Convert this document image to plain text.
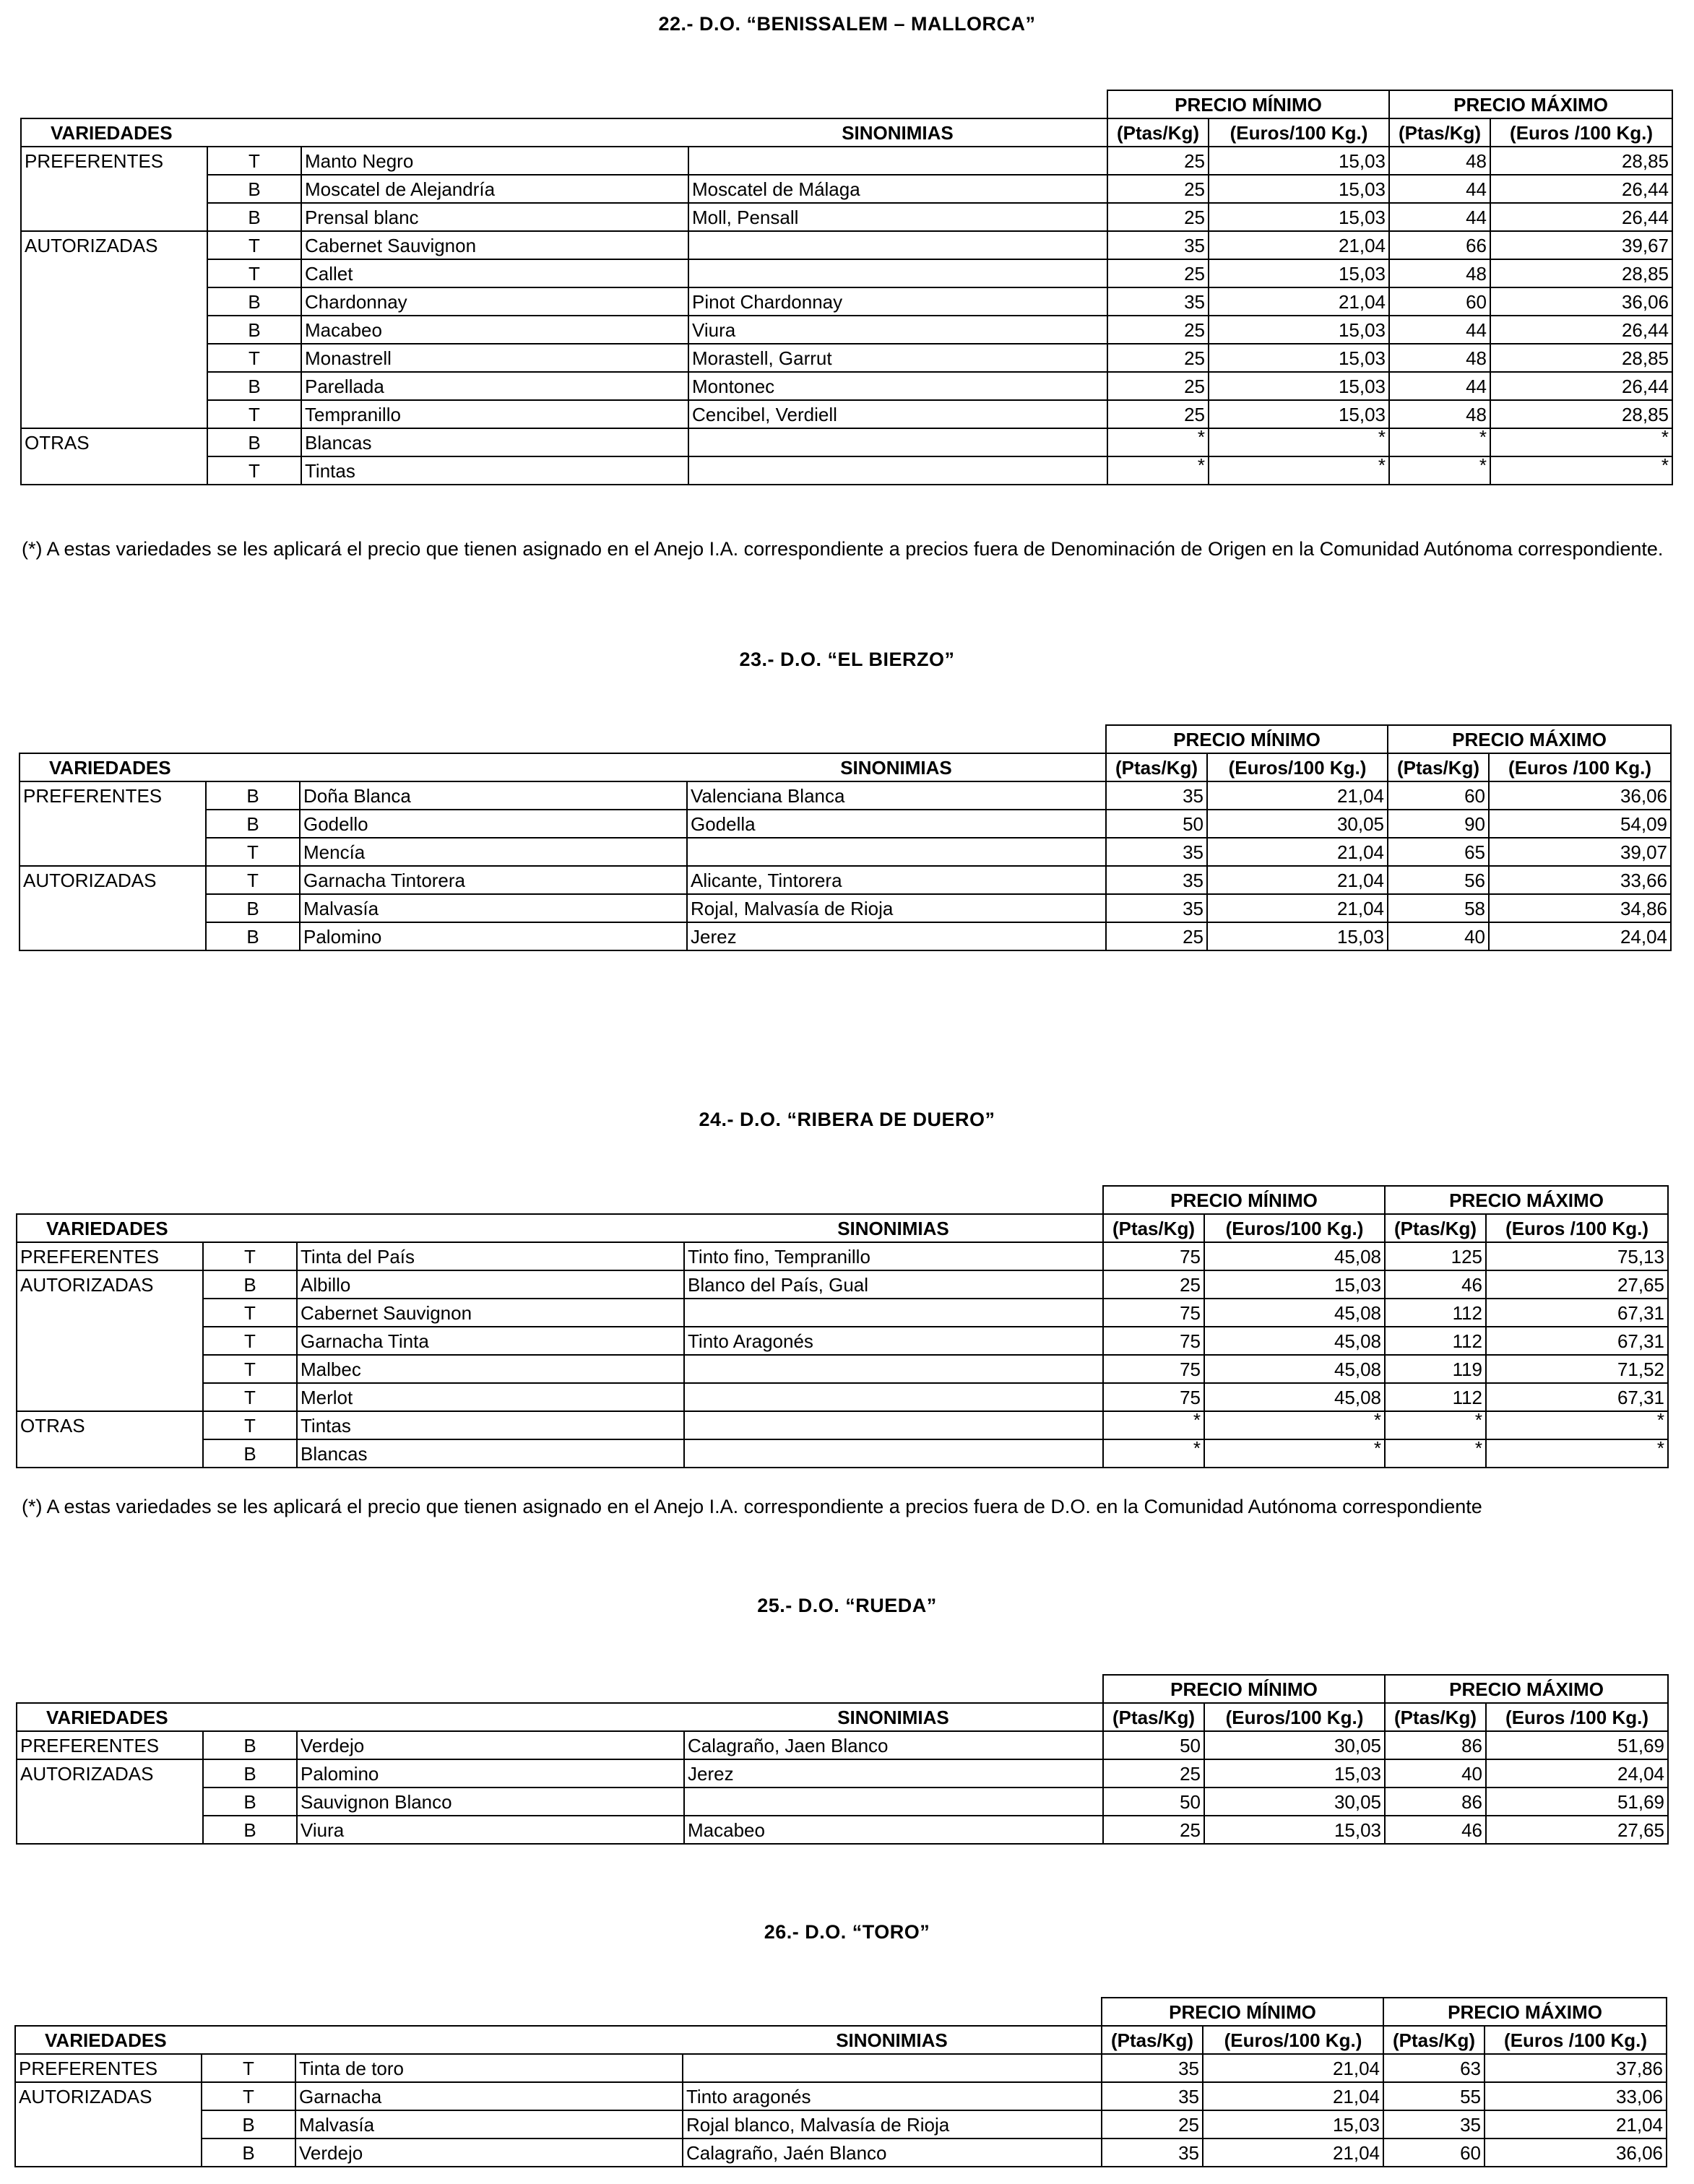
22.- D.O. “BENISSALEM – MALLORCA”
				PRECIO MÍNIMO		PRECIO MÁXIMO	
VARIEDADES			SINONIMIAS	(Ptas/Kg)	(Euros/100 Kg.)	(Ptas/Kg)	(Euros /100 Kg.)
PREFERENTES	T	Manto Negro		25	15,03	48	28,85
	B	Moscatel de Alejandría	Moscatel de Málaga	25	15,03	44	26,44
	B	Prensal blanc	Moll, Pensall	25	15,03	44	26,44
AUTORIZADAS	T	Cabernet Sauvignon		35	21,04	66	39,67
	T	Callet		25	15,03	48	28,85
	B	Chardonnay	Pinot Chardonnay	35	21,04	60	36,06
	B	Macabeo	Viura	25	15,03	44	26,44
	T	Monastrell	Morastell, Garrut	25	15,03	48	28,85
	B	Parellada	Montonec	25	15,03	44	26,44
	T	Tempranillo	Cencibel, Verdiell	25	15,03	48	28,85
OTRAS	B	Blancas		*	*	*	*
	T	Tintas		*	*	*	*
(*) A estas variedades se les aplicará el precio que tienen asignado en el Anejo I.A. correspondiente a precios fuera de Denominación de Origen en la Comunidad Autónoma correspondiente.
23.- D.O. “EL BIERZO”
				PRECIO MÍNIMO		PRECIO MÁXIMO	
VARIEDADES			SINONIMIAS	(Ptas/Kg)	(Euros/100 Kg.)	(Ptas/Kg)	(Euros /100 Kg.)
PREFERENTES	B	Doña Blanca	Valenciana Blanca	35	21,04	60	36,06
	B	Godello	Godella	50	30,05	90	54,09
	T	Mencía		35	21,04	65	39,07
AUTORIZADAS	T	Garnacha Tintorera	Alicante, Tintorera	35	21,04	56	33,66
	B	Malvasía	Rojal, Malvasía de Rioja	35	21,04	58	34,86
	B	Palomino	Jerez	25	15,03	40	24,04
24.- D.O. “RIBERA DE DUERO”
				PRECIO MÍNIMO		PRECIO MÁXIMO	
VARIEDADES			SINONIMIAS	(Ptas/Kg)	(Euros/100 Kg.)	(Ptas/Kg)	(Euros /100 Kg.)
PREFERENTES	T	Tinta del País	Tinto fino, Tempranillo	75	45,08	125	75,13
AUTORIZADAS	B	Albillo	Blanco del País, Gual	25	15,03	46	27,65
	T	Cabernet Sauvignon		75	45,08	112	67,31
	T	Garnacha Tinta	Tinto Aragonés	75	45,08	112	67,31
	T	Malbec		75	45,08	119	71,52
	T	Merlot		75	45,08	112	67,31
OTRAS	T	Tintas		*	*	*	*
	B	Blancas		*	*	*	*
(*) A estas variedades se les aplicará el precio que tienen asignado en el Anejo I.A. correspondiente a precios fuera de D.O. en la Comunidad Autónoma correspondiente
25.- D.O. “RUEDA”
				PRECIO MÍNIMO		PRECIO MÁXIMO	
VARIEDADES			SINONIMIAS	(Ptas/Kg)	(Euros/100 Kg.)	(Ptas/Kg)	(Euros /100 Kg.)
PREFERENTES	B	Verdejo	Calagraño, Jaen Blanco	50	30,05	86	51,69
AUTORIZADAS	B	Palomino	Jerez	25	15,03	40	24,04
	B	Sauvignon Blanco		50	30,05	86	51,69
	B	Viura	Macabeo	25	15,03	46	27,65
26.- D.O. “TORO”
				PRECIO MÍNIMO		PRECIO MÁXIMO	
VARIEDADES			SINONIMIAS	(Ptas/Kg)	(Euros/100 Kg.)	(Ptas/Kg)	(Euros /100 Kg.)
PREFERENTES	T	Tinta de toro		35	21,04	63	37,86
AUTORIZADAS	T	Garnacha	Tinto aragonés	35	21,04	55	33,06
	B	Malvasía	Rojal blanco, Malvasía de Rioja	25	15,03	35	21,04
	B	Verdejo	Calagraño, Jaén Blanco	35	21,04	60	36,06
